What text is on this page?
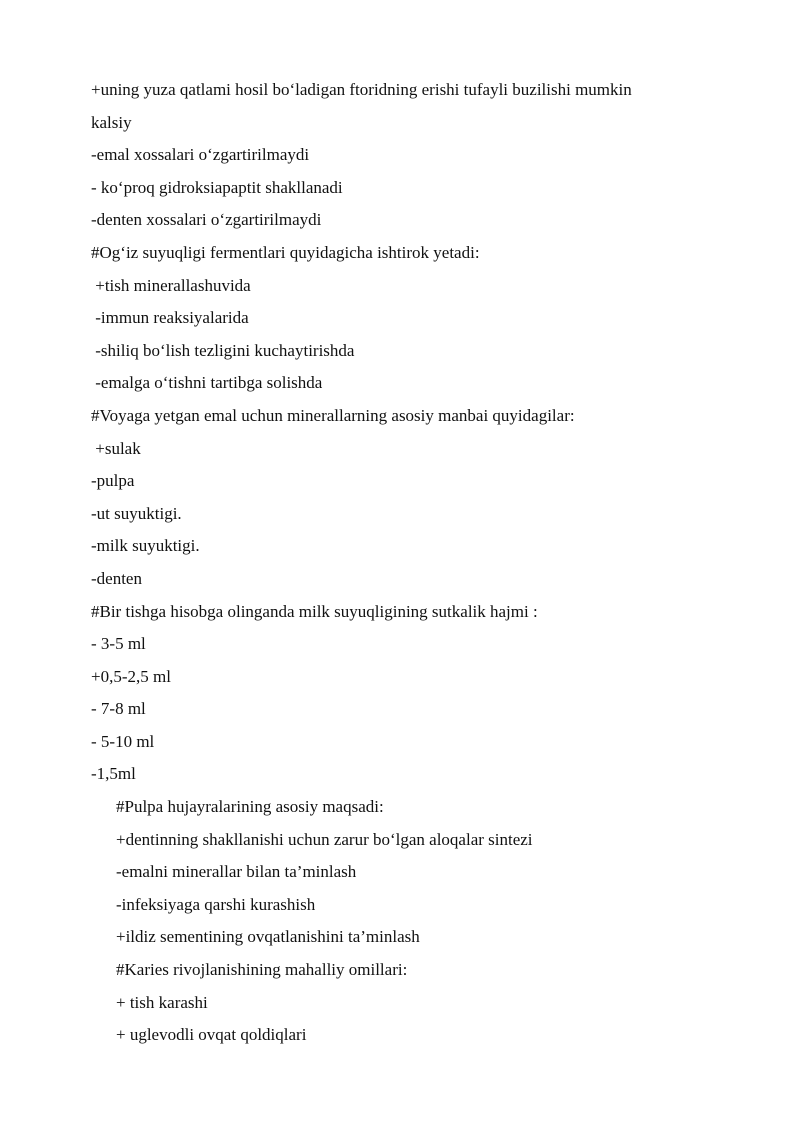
+uning yuza qatlami hosil boʻladigan ftoridning erishi tufayli buzilishi mumkin
kalsiy
-emal xossalari oʻzgartirilmaydi
- koʻproq gidroksiapaptit shakllanadi
-denten xossalari oʻzgartirilmaydi
#Ogʻiz suyuqligi fermentlari quyidagicha ishtirok yetadi:
+tish minerallashuvida
-immun reaksiyalarida
-shiliq boʻlish tezligini kuchaytirishda
-emalga oʻtishni tartibga solishda
#Voyaga yetgan emal uchun minerallarning asosiy manbai quyidagilar:
+sulak
-pulpa
-ut suyuktigi.
-milk suyuktigi.
-denten
#Bir tishga hisobga olinganda milk suyuqligining sutkalik hajmi :
- 3-5 ml
+0,5-2,5 ml
- 7-8 ml
- 5-10 ml
-1,5ml
#Pulpa hujayralarining asosiy maqsadi:
+dentinning shakllanishi uchun zarur boʻlgan aloqalar sintezi
-emalni minerallar bilan ta’minlash
-infeksiyaga qarshi kurashish
+ildiz sementining ovqatlanishini ta’minlash
#Karies rivojlanishining mahalliy omillari:
+ tish karashi
+ uglevodli ovqat qoldiqlari
